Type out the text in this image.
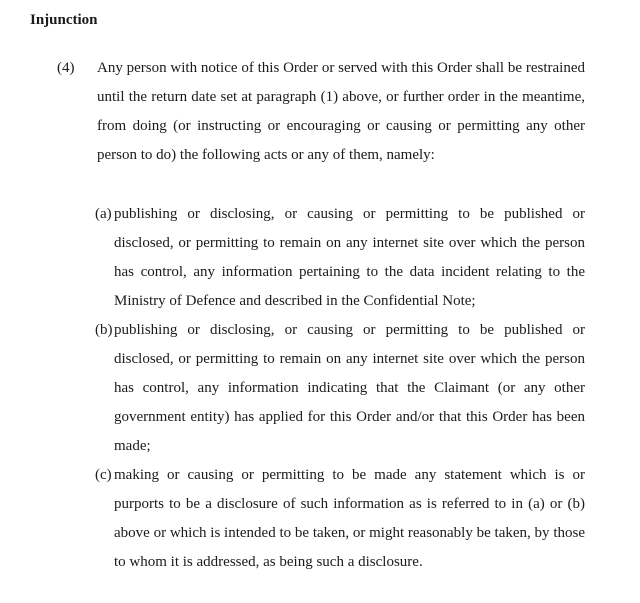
Injunction
(4)	Any person with notice of this Order or served with this Order shall be restrained until the return date set at paragraph (1) above, or further order in the meantime, from doing (or instructing or encouraging or causing or permitting any other person to do) the following acts or any of them, namely:
(a) publishing or disclosing, or causing or permitting to be published or disclosed, or permitting to remain on any internet site over which the person has control, any information pertaining to the data incident relating to the Ministry of Defence and described in the Confidential Note;
(b) publishing or disclosing, or causing or permitting to be published or disclosed, or permitting to remain on any internet site over which the person has control, any information indicating that the Claimant (or any other government entity) has applied for this Order and/or that this Order has been made;
(c) making or causing or permitting to be made any statement which is or purports to be a disclosure of such information as is referred to in (a) or (b) above or which is intended to be taken, or might reasonably be taken, by those to whom it is addressed, as being such a disclosure.
